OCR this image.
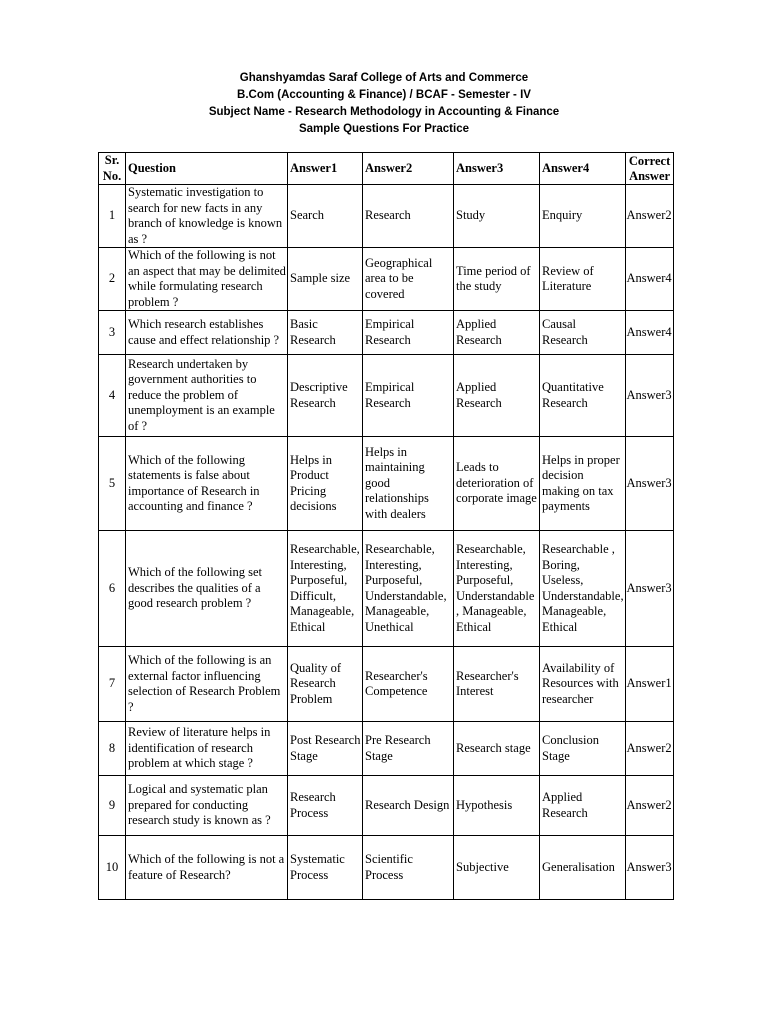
Ghanshyamdas Saraf College of Arts and Commerce
B.Com (Accounting & Finance) / BCAF - Semester - IV
Subject Name - Research Methodology in Accounting & Finance
Sample Questions For Practice
Sr. No.	Question	Answer1	Answer2	Answer3	Answer4	Correct Answer
1	Systematic investigation to search for new facts in any branch of knowledge is known as ?	Search	Research	Study	Enquiry	Answer2
2	Which of the following is not an aspect that may be delimited while formulating research problem ?	Sample size	Geographical area to be covered	Time period of the study	Review of Literature	Answer4
3	Which research establishes cause and effect relationship ?	Basic Research	Empirical Research	Applied Research	Causal Research	Answer4
4	Research undertaken by government authorities to reduce the problem of unemployment is an example of ?	Descriptive Research	Empirical Research	Applied Research	Quantitative Research	Answer3
5	Which of the following statements is false about importance of Research in accounting and finance ?	Helps in Product Pricing decisions	Helps in maintaining good relationships with dealers	Leads to deterioration of corporate image	Helps in proper decision making on tax payments	Answer3
6	Which of the following set describes the qualities of a good research problem ?	Researchable, Interesting, Purposeful, Difficult, Manageable, Ethical	Researchable, Interesting, Purposeful, Understandable, Manageable, Unethical	Researchable, Interesting, Purposeful, Understandable , Manageable, Ethical	Researchable , Boring, Useless, Understandable, Manageable, Ethical	Answer3
7	Which of the following is an external factor influencing selection of Research Problem ?	Quality of Research Problem	Researcher's Competence	Researcher's Interest	Availability of Resources with researcher	Answer1
8	Review of literature helps in identification of research problem at which stage ?	Post Research Stage	Pre Research Stage	Research stage	Conclusion Stage	Answer2
9	Logical and systematic plan prepared for conducting research study is known as ?	Research Process	Research Design	Hypothesis	Applied Research	Answer2
10	Which of the following is not a feature of Research?	Systematic Process	Scientific Process	Subjective	Generalisation	Answer3
